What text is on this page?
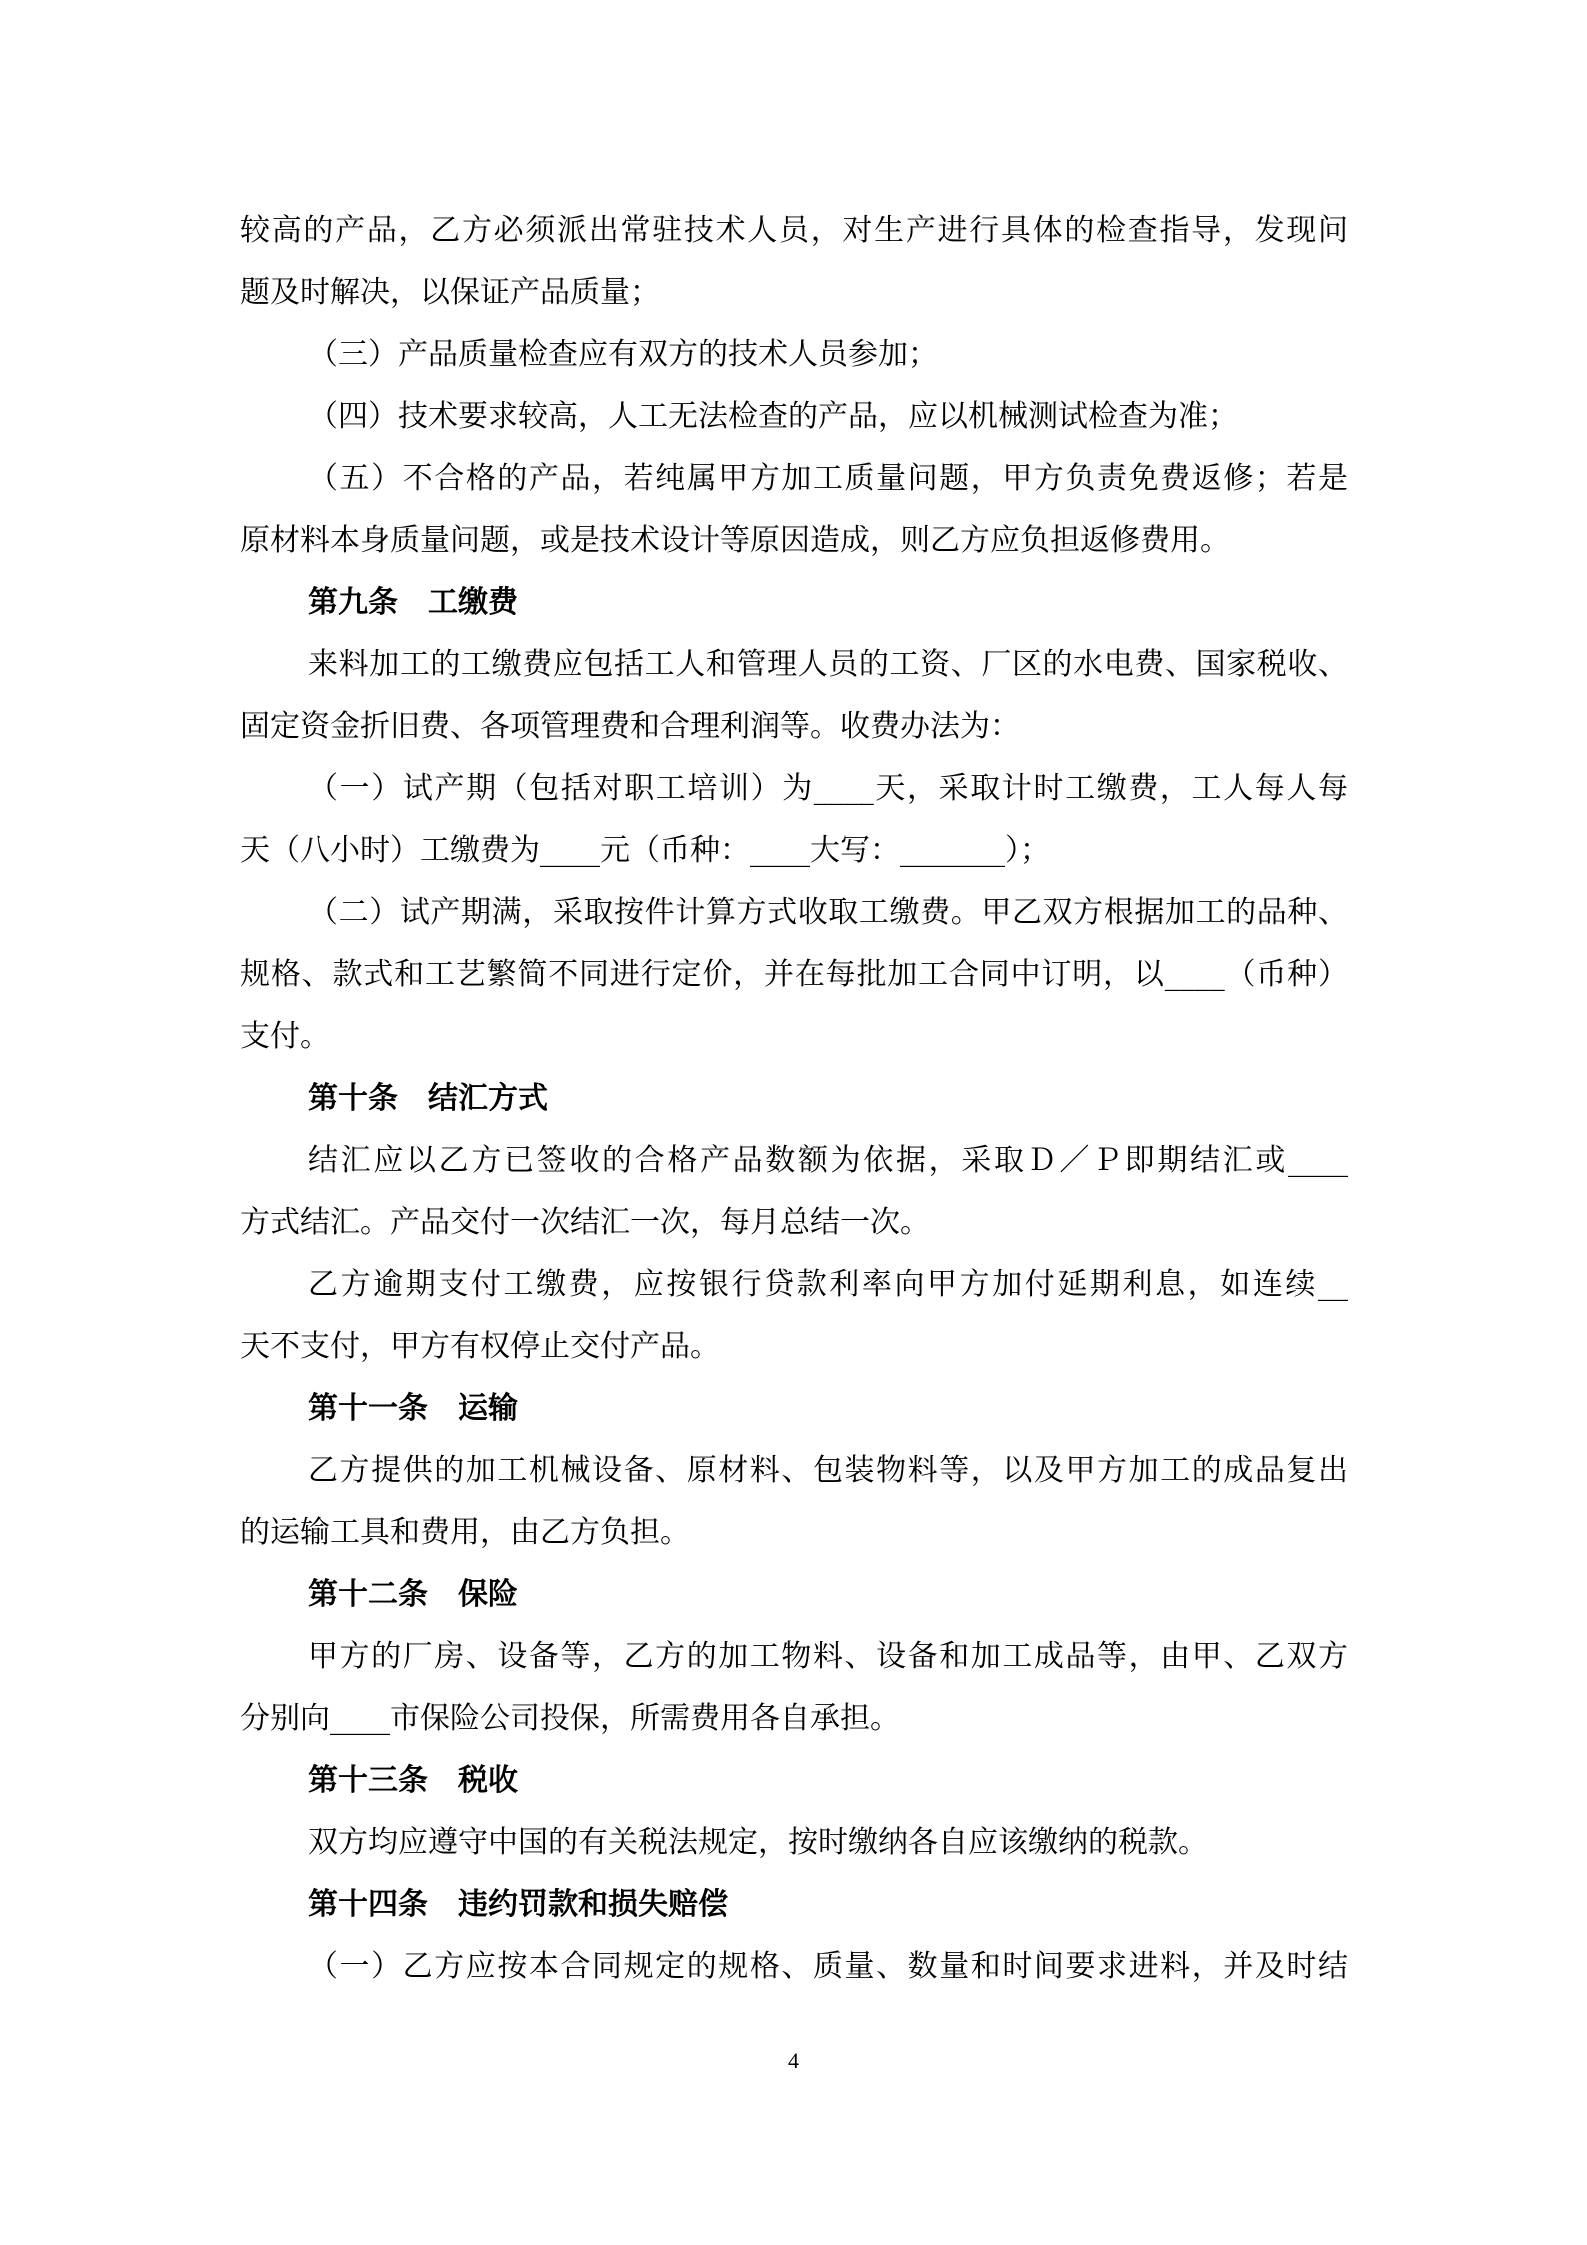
较高的产品，乙方必须派出常驻技术人员，对生产进行具体的检查指导，发现问

题及时解决，以保证产品质量；

（三）产品质量检查应有双方的技术人员参加；

（四）技术要求较高，人工无法检查的产品，应以机械测试检查为准；

（五）不合格的产品，若纯属甲方加工质量问题，甲方负责免费返修；若是

原材料本身质量问题，或是技术设计等原因造成，则乙方应负担返修费用。

第九条　工缴费

来料加工的工缴费应包括工人和管理人员的工资、厂区的水电费、国家税收、

固定资金折旧费、各项管理费和合理利润等。收费办法为：

（一）试产期（包括对职工培训）为____天，采取计时工缴费，工人每人每

天（八小时）工缴费为____元（币种：____大写：_______）；

（二）试产期满，采取按件计算方式收取工缴费。甲乙双方根据加工的品种、

规格、款式和工艺繁简不同进行定价，并在每批加工合同中订明，以____（币种）

支付。

第十条　结汇方式

结汇应以乙方已签收的合格产品数额为依据，采取Ｄ／Ｐ即期结汇或____

方式结汇。产品交付一次结汇一次，每月总结一次。

乙方逾期支付工缴费，应按银行贷款利率向甲方加付延期利息，如连续__

天不支付，甲方有权停止交付产品。

第十一条　运输

乙方提供的加工机械设备、原材料、包装物料等，以及甲方加工的成品复出

的运输工具和费用，由乙方负担。

第十二条　保险

甲方的厂房、设备等，乙方的加工物料、设备和加工成品等，由甲、乙双方

分别向____市保险公司投保，所需费用各自承担。

第十三条　税收

双方均应遵守中国的有关税法规定，按时缴纳各自应该缴纳的税款。

第十四条　违约罚款和损失赔偿

（一）乙方应按本合同规定的规格、质量、数量和时间要求进料，并及时结

4
